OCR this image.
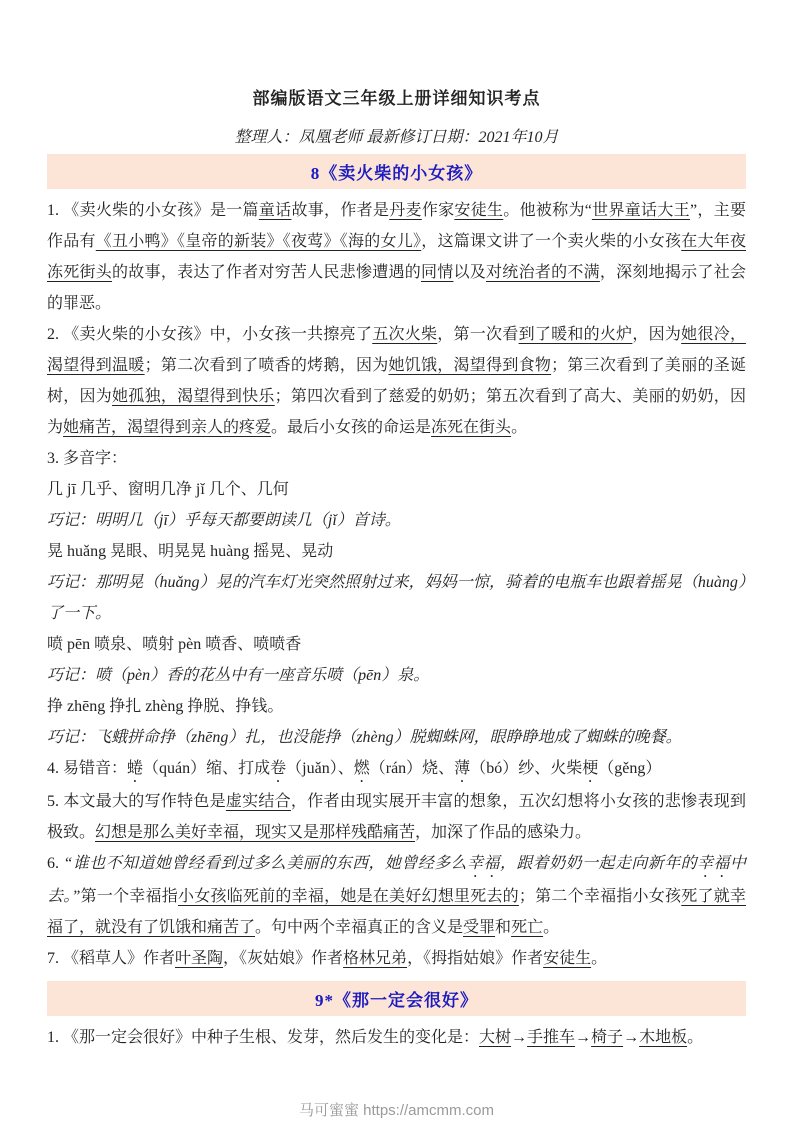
部编版语文三年级上册详细知识考点
整理人：凤凰老师 最新修订日期：2021年10月
8《卖火柴的小女孩》

1. 《卖火柴的小女孩》是一篇童话故事，作者是丹麦作家安徒生。他被称为“世界童话大王”，主要作品有《丑小鸭》《皇帝的新装》《夜莺》《海的女儿》，这篇课文讲了一个卖火柴的小女孩在大年夜冻死街头的故事，表达了作者对穷苦人民悲惨遭遇的同情以及对统治者的不满，深刻地揭示了社会的罪恶。

2. 《卖火柴的小女孩》中，小女孩一共擦亮了五次火柴，第一次看到了暖和的火炉，因为她很冷，渴望得到温暖；第二次看到了喷香的烤鹅，因为她饥饿，渴望得到食物；第三次看到了美丽的圣诞树，因为她孤独，渴望得到快乐；第四次看到了慈爱的奶奶；第五次看到了高大、美丽的奶奶，因为她痛苦，渴望得到亲人的疼爱。最后小女孩的命运是冻死在街头。

3. 多音字：

几 jī 几乎、窗明几净 jǐ 几个、几何

巧记：明明几（jī）乎每天都要朗读几（jǐ）首诗。

晃 huǎng 晃眼、明晃晃 huàng 摇晃、晃动

巧记：那明晃（huǎng）晃的汽车灯光突然照射过来，妈妈一惊，骑着的电瓶车也跟着摇晃（huàng）了一下。

喷 pēn 喷泉、喷射 pèn 喷香、喷喷香

巧记：喷（pèn）香的花丛中有一座音乐喷（pēn）泉。

挣 zhēng 挣扎 zhèng 挣脱、挣钱。

巧记：飞蛾拼命挣（zhēng）扎，也没能挣（zhèng）脱蜘蛛网，眼睁睁地成了蜘蛛的晚餐。

4. 易错音：蜷（quán）缩、打成卷（juǎn）、燃（rán）烧、薄（bó）纱、火柴梗（gěng）

5. 本文最大的写作特色是虚实结合，作者由现实展开丰富的想象，五次幻想将小女孩的悲惨表现到极致。幻想是那么美好幸福，现实又是那样残酷痛苦，加深了作品的感染力。

6. “谁也不知道她曾经看到过多么美丽的东西，她曾经多么幸福，跟着奶奶一起走向新年的幸福中去。”第一个幸福指小女孩临死前的幸福，她是在美好幻想里死去的；第二个幸福指小女孩死了就幸福了，就没有了饥饿和痛苦了。句中两个幸福真正的含义是受罪和死亡。

7. 《稻草人》作者叶圣陶，《灰姑娘》作者格林兄弟，《拇指姑娘》作者安徒生。

9*《那一定会很好》

1. 《那一定会很好》中种子生根、发芽，然后发生的变化是：大树→手推车→椅子→木地板。

马可蜜蜜 https://amcmm.com
